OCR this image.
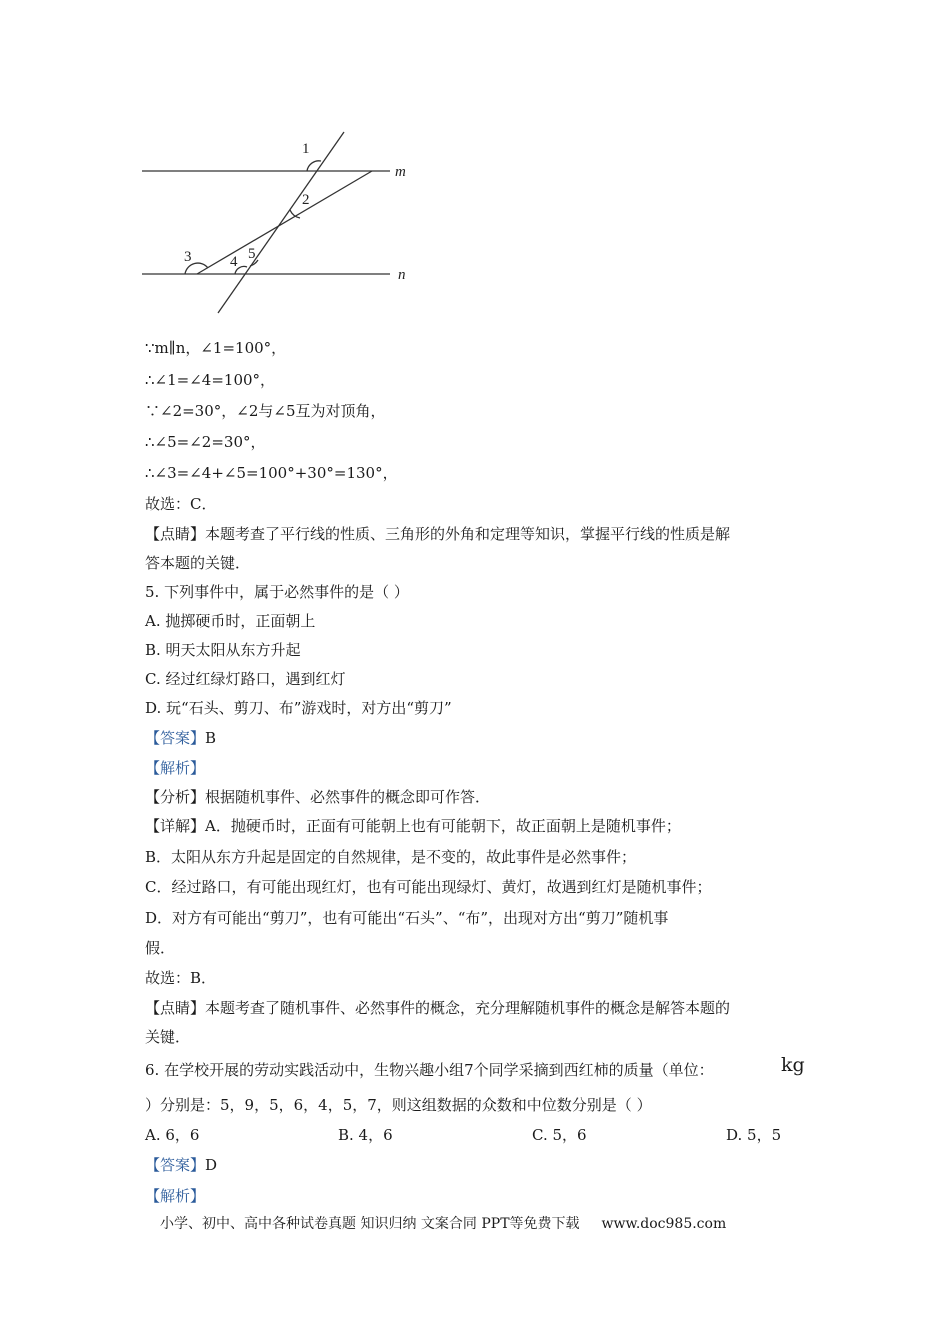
1
2
3	4 5
m
n
∵m∥n，∠1=100°，
∴∠1=∠4=100°，
∵∠2=30°，∠2与∠5互为对顶角，
∴∠5=∠2=30°，
∴∠3=∠4+∠5=100°+30°=130°，
故选：C．
【点睛】本题考查了平行线的性质、三角形的外角和定理等知识，掌握平行线的性质是解
答本题的关键．
5. 下列事件中，属于必然事件的是（ ）
A. 抛掷硬币时，正面朝上
B. 明天太阳从东方升起
C. 经过红绿灯路口，遇到红灯
D. 玩“石头、剪刀、布”游戏时，对方出“剪刀”
【答案】B
【解析】
【分析】根据随机事件、必然事件的概念即可作答．
【详解】A．抛硬币时，正面有可能朝上也有可能朝下，故正面朝上是随机事件；
B．太阳从东方升起是固定的自然规律，是不变的，故此事件是必然事件；
C．经过路口，有可能出现红灯，也有可能出现绿灯、黄灯，故遇到红灯是随机事件；
D．对方有可能出“剪刀”，也有可能出“石头”、“布”，出现对方出“剪刀”随机事
假．
故选：B．
【点睛】本题考查了随机事件、必然事件的概念，充分理解随机事件的概念是解答本题的
关键．
6. 在学校开展的劳动实践活动中，生物兴趣小组7个同学采摘到西红柿的质量（单位：	kg
）分别是：5，9，5，6，4，5，7，则这组数据的众数和中位数分别是（ ）
A. 6，6	B. 4，6	C. 5，6	D. 5，5
【答案】D
【解析】
小学、初中、高中各种试卷真题 知识归纳 文案合同 PPT等免费下载 www.doc985.com
